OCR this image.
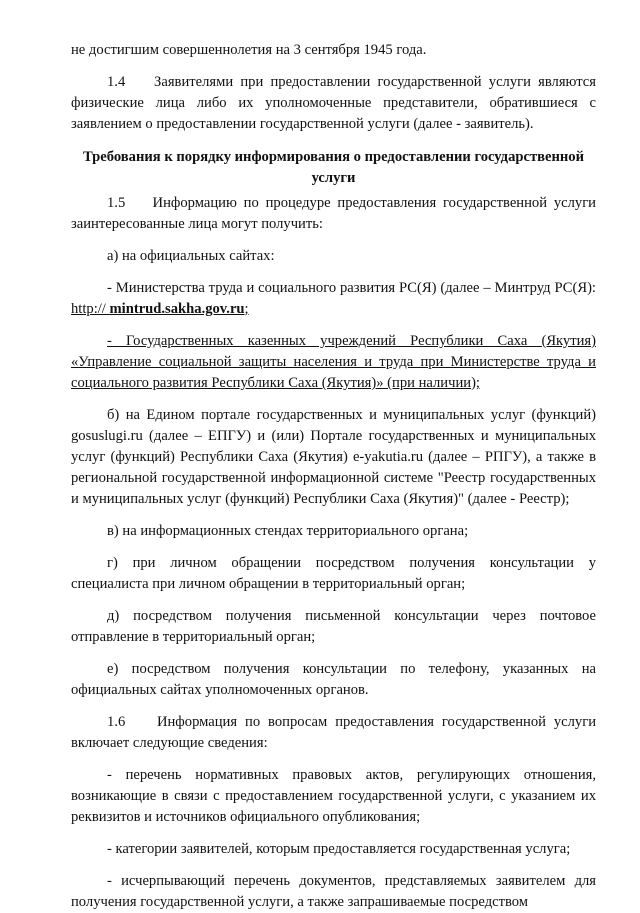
не достигшим совершеннолетия на 3 сентября 1945 года.

1.4    Заявителями при предоставлении государственной услуги являются физические лица либо их уполномоченные представители, обратившиеся с заявлением о предоставлении государственной услуги (далее - заявитель).

Требования к порядку информирования о предоставлении государственной услуги

1.5    Информацию по процедуре предоставления государственной услуги заинтересованные лица могут получить:

а) на официальных сайтах:

- Министерства труда и социального развития РС(Я) (далее – Минтруд РС(Я): http:// mintrud.sakha.gov.ru;

- Государственных казенных учреждений Республики Саха (Якутия) «Управление социальной защиты населения и труда при Министерстве труда и социального развития Республики Саха (Якутия)» (при наличии);

б) на Едином портале государственных и муниципальных услуг (функций) gosuslugi.ru (далее – ЕПГУ) и (или) Портале государственных и муниципальных услуг (функций) Республики Саха (Якутия) e-yakutia.ru (далее – РПГУ), а также в региональной государственной информационной системе "Реестр государственных и муниципальных услуг (функций) Республики Саха (Якутия)" (далее - Реестр);

в) на информационных стендах территориального органа;

г) при личном обращении посредством получения консультации у специалиста при личном обращении в территориальный орган;

д) посредством получения письменной консультации через почтовое отправление в территориальный орган;

е) посредством получения консультации по телефону, указанных на официальных сайтах уполномоченных органов.

1.6    Информация по вопросам предоставления государственной услуги включает следующие сведения:

- перечень нормативных правовых актов, регулирующих отношения, возникающие в связи с предоставлением государственной услуги, с указанием их реквизитов и источников официального опубликования;

- категории заявителей, которым предоставляется государственная услуга;

- исчерпывающий перечень документов, представляемых заявителем для получения государственной услуги, а также запрашиваемые посредством
